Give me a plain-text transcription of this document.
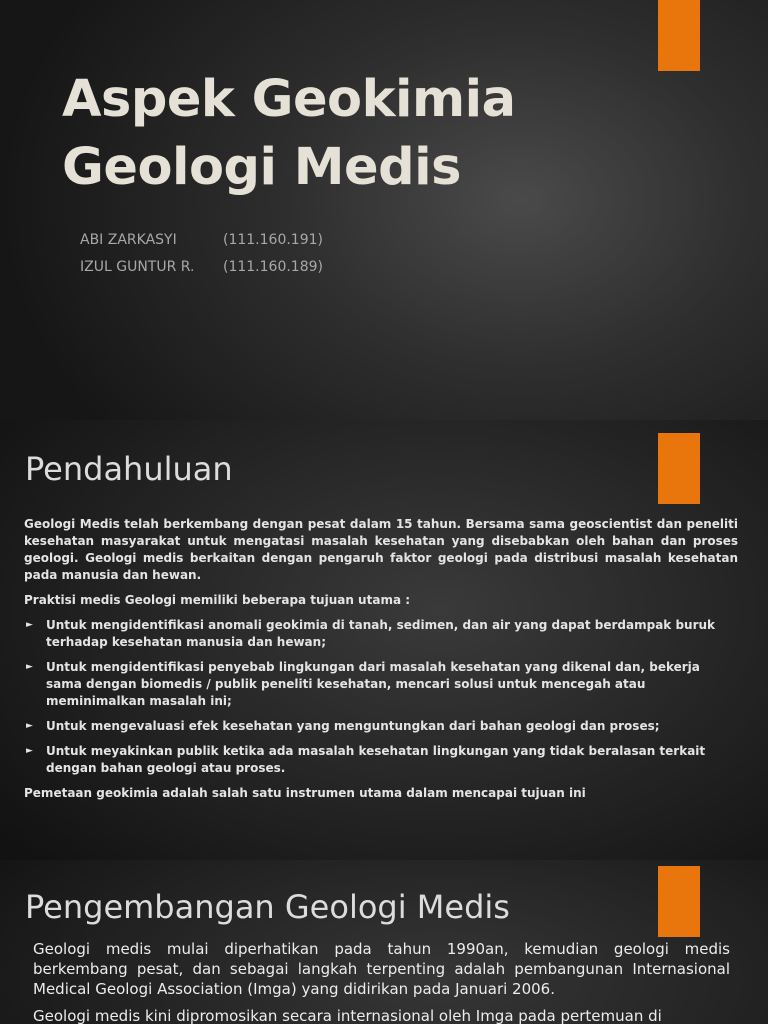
Aspek Geokimia
Geologi Medis
ABI ZARKASYI	(111.160.191)
IZUL GUNTUR R. (111.160.189)
Pendahuluan

Geologi Medis telah berkembang dengan pesat dalam 15 tahun. Bersama sama geoscientist dan peneliti kesehatan masyarakat untuk mengatasi masalah kesehatan yang disebabkan oleh bahan dan proses geologi. Geologi medis berkaitan dengan pengaruh faktor geologi pada distribusi masalah kesehatan pada manusia dan hewan.

Praktisi medis Geologi memiliki beberapa tujuan utama :

► Untuk mengidentifikasi anomali geokimia di tanah, sedimen, dan air yang dapat berdampak buruk terhadap kesehatan manusia dan hewan;
► Untuk mengidentifikasi penyebab lingkungan dari masalah kesehatan yang dikenal dan, bekerja sama dengan biomedis / publik peneliti kesehatan, mencari solusi untuk mencegah atau meminimalkan masalah ini;
► Untuk mengevaluasi efek kesehatan yang menguntungkan dari bahan geologi dan proses;
► Untuk meyakinkan publik ketika ada masalah kesehatan lingkungan yang tidak beralasan terkait dengan bahan geologi atau proses.

Pemetaan geokimia adalah salah satu instrumen utama dalam mencapai tujuan ini

Pengembangan Geologi Medis

Geologi medis mulai diperhatikan pada tahun 1990an, kemudian geologi medis berkembang pesat, dan sebagai langkah terpenting adalah pembangunan Internasional Medical Geologi Association (Imga) yang didirikan pada Januari 2006.

Geologi medis kini dipromosikan secara internasional oleh Imga pada pertemuan di
